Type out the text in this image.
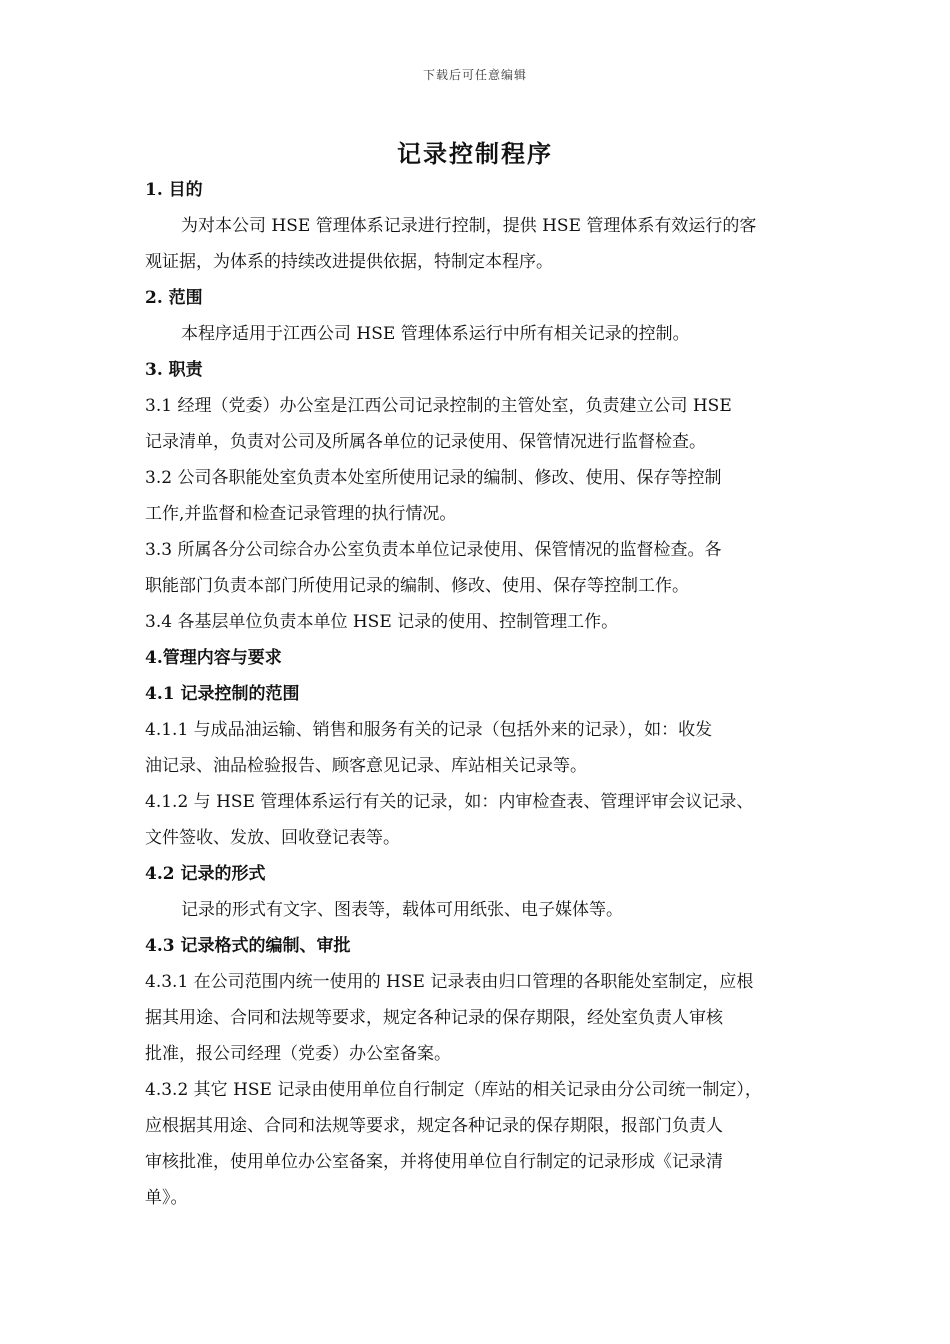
下载后可任意编辑
记录控制程序
1. 目的
为对本公司 HSE 管理体系记录进行控制，提供 HSE 管理体系有效运行的客
观证据，为体系的持续改进提供依据，特制定本程序。
2. 范围
本程序适用于江西公司 HSE 管理体系运行中所有相关记录的控制。
3. 职责
3.1 经理（党委）办公室是江西公司记录控制的主管处室，负责建立公司 HSE
记录清单，负责对公司及所属各单位的记录使用、保管情况进行监督检查。
3.2 公司各职能处室负责本处室所使用记录的编制、修改、使用、保存等控制
工作,并监督和检查记录管理的执行情况。
3.3 所属各分公司综合办公室负责本单位记录使用、保管情况的监督检查。各
职能部门负责本部门所使用记录的编制、修改、使用、保存等控制工作。
3.4 各基层单位负责本单位 HSE 记录的使用、控制管理工作。
4.管理内容与要求
4.1 记录控制的范围
4.1.1 与成品油运输、销售和服务有关的记录（包括外来的记录），如：收发
油记录、油品检验报告、顾客意见记录、库站相关记录等。
4.1.2 与 HSE 管理体系运行有关的记录，如：内审检查表、管理评审会议记录、
文件签收、发放、回收登记表等。
4.2 记录的形式
记录的形式有文字、图表等，载体可用纸张、电子媒体等。
4.3 记录格式的编制、审批
4.3.1 在公司范围内统一使用的 HSE 记录表由归口管理的各职能处室制定，应根
据其用途、合同和法规等要求，规定各种记录的保存期限，经处室负责人审核
批准，报公司经理（党委）办公室备案。
4.3.2 其它 HSE 记录由使用单位自行制定（库站的相关记录由分公司统一制定），
应根据其用途、合同和法规等要求，规定各种记录的保存期限，报部门负责人
审核批准，使用单位办公室备案，并将使用单位自行制定的记录形成《记录清
单》。
